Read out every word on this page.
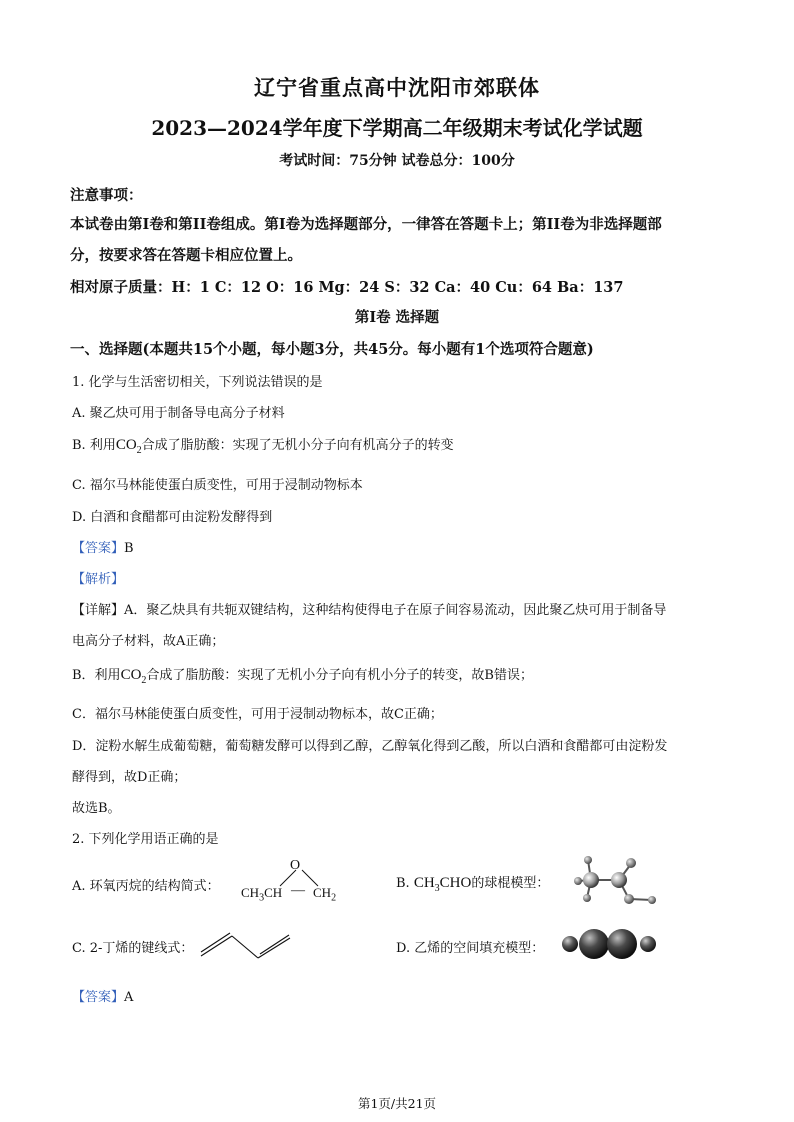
辽宁省重点高中沈阳市郊联体
2023—2024学年度下学期高二年级期末考试化学试题
考试时间：75分钟 试卷总分：100分
注意事项：
本试卷由第I卷和第II卷组成。第I卷为选择题部分，一律答在答题卡上；第II卷为非选择题部
分，按要求答在答题卡相应位置上。
相对原子质量：H：1 C：12 O：16 Mg：24 S：32 Ca：40 Cu：64 Ba：137
第I卷 选择题
一、选择题(本题共15个小题，每小题3分，共45分。每小题有1个选项符合题意)
1. 化学与生活密切相关，下列说法错误的是
A. 聚乙炔可用于制备导电高分子材料
B. 利用$CO_2$合成了脂肪酸：实现了无机小分子向有机高分子的转变
C. 福尔马林能使蛋白质变性，可用于浸制动物标本
D. 白酒和食醋都可由淀粉发酵得到
【答案】B
【解析】
【详解】A．聚乙炔具有共轭双键结构，这种结构使得电子在原子间容易流动，因此聚乙炔可用于制备导
电高分子材料，故A正确；
B．利用$CO_2$合成了脂肪酸：实现了无机小分子向有机小分子的转变，故B错误；
C．福尔马林能使蛋白质变性，可用于浸制动物标本，故C正确；
D．淀粉水解生成葡萄糖，葡萄糖发酵可以得到乙醇，乙醇氧化得到乙酸，所以白酒和食醋都可由淀粉发
酵得到，故D正确；
故选B。
2. 下列化学用语正确的是
A. 环氧丙烷的结构简式：
O
$CH_3CH$ — $CH_2$
B. $CH_3CHO$的球棍模型：
C. 2-丁烯的键线式：	D. 乙烯的空间填充模型：
【答案】A
第1页/共21页
